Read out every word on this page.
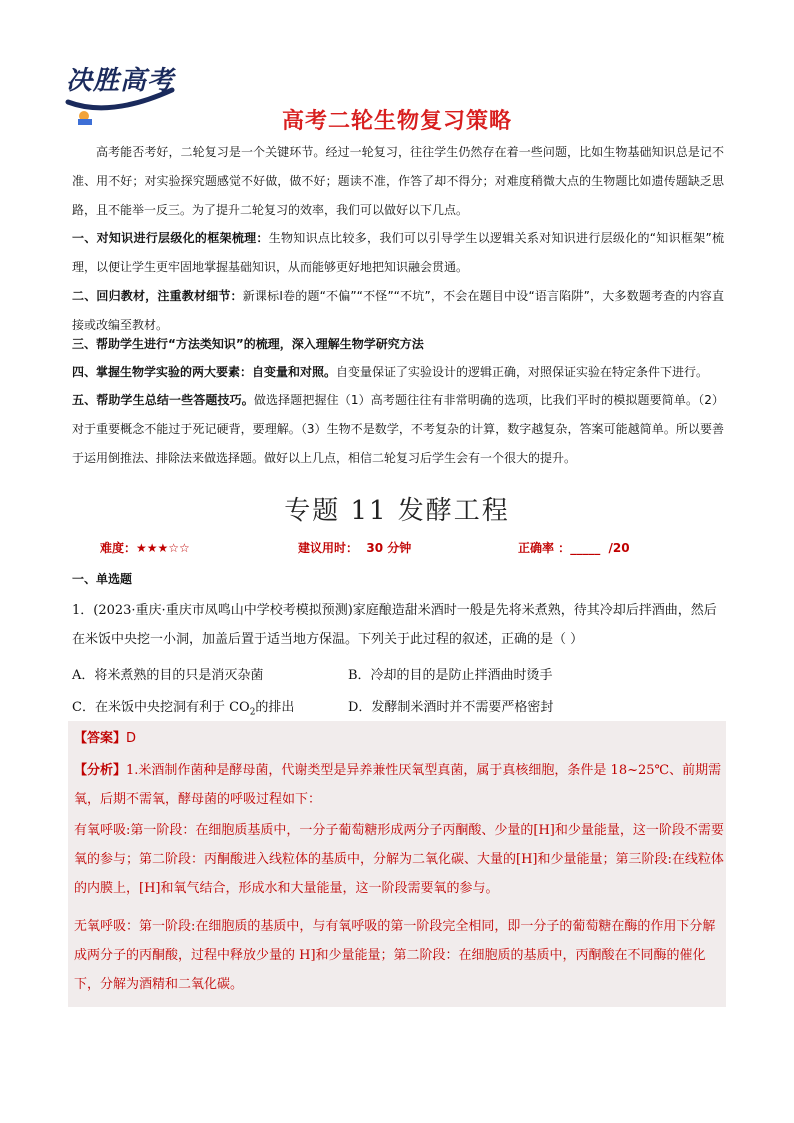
决胜高考
高考二轮生物复习策略
高考能否考好，二轮复习是一个关键环节。经过一轮复习，往往学生仍然存在着一些问题，比如生物基础知识总是记不准、用不好；对实验探究题感觉不好做，做不好；题读不准，作答了却不得分；对难度稍微大点的生物题比如遗传题缺乏思路，且不能举一反三。为了提升二轮复习的效率，我们可以做好以下几点。
一、对知识进行层级化的框架梳理：生物知识点比较多，我们可以引导学生以逻辑关系对知识进行层级化的“知识框架”梳理，以便让学生更牢固地掌握基础知识，从而能够更好地把知识融会贯通。
二、回归教材，注重教材细节：新课标Ⅰ卷的题“不偏”“不怪”“不坑”，不会在题目中设“语言陷阱”，大多数题考查的内容直接或改编至教材。
三、帮助学生进行“方法类知识”的梳理，深入理解生物学研究方法
四、掌握生物学实验的两大要素：自变量和对照。自变量保证了实验设计的逻辑正确，对照保证实验在特定条件下进行。
五、帮助学生总结一些答题技巧。做选择题把握住（1）高考题往往有非常明确的选项，比我们平时的模拟题要简单。（2）对于重要概念不能过于死记硬背，要理解。（3）生物不是数学，不考复杂的计算，数字越复杂，答案可能越简单。所以要善于运用倒推法、排除法来做选择题。做好以上几点，相信二轮复习后学生会有一个很大的提升。
专题 11 发酵工程
难度：★★★☆☆	建议用时： 30 分钟	正确率 ：_____ /20
一、单选题
1．(2023·重庆·重庆市凤鸣山中学校考模拟预测)家庭酿造甜米酒时一般是先将米煮熟，待其冷却后拌酒曲，然后在米饭中央挖一小洞，加盖后置于适当地方保温。下列关于此过程的叙述，正确的是（ ）
A．将米煮熟的目的只是消灭杂菌	B．冷却的目的是防止拌酒曲时烫手
C．在米饭中央挖洞有利于 $CO_2$的排出	D．发酵制米酒时并不需要严格密封
【答案】D
【分析】1.米酒制作菌种是酵母菌，代谢类型是异养兼性厌氧型真菌，属于真核细胞，条件是 18~25℃、前期需氧，后期不需氧，酵母菌的呼吸过程如下：
有氧呼吸:第一阶段：在细胞质基质中，一分子葡萄糖形成两分子丙酮酸、少量的[H]和少量能量，这一阶段不需要氧的参与；第二阶段：丙酮酸进入线粒体的基质中，分解为二氧化碳、大量的[H]和少量能量；第三阶段:在线粒体的内膜上，[H]和氧气结合，形成水和大量能量，这一阶段需要氧的参与。
无氧呼吸：第一阶段:在细胞质的基质中，与有氧呼吸的第一阶段完全相同，即一分子的葡萄糖在酶的作用下分解成两分子的丙酮酸，过程中释放少量的 H]和少量能量；第二阶段：在细胞质的基质中，丙酮酸在不同酶的催化下，分解为酒精和二氧化碳。
